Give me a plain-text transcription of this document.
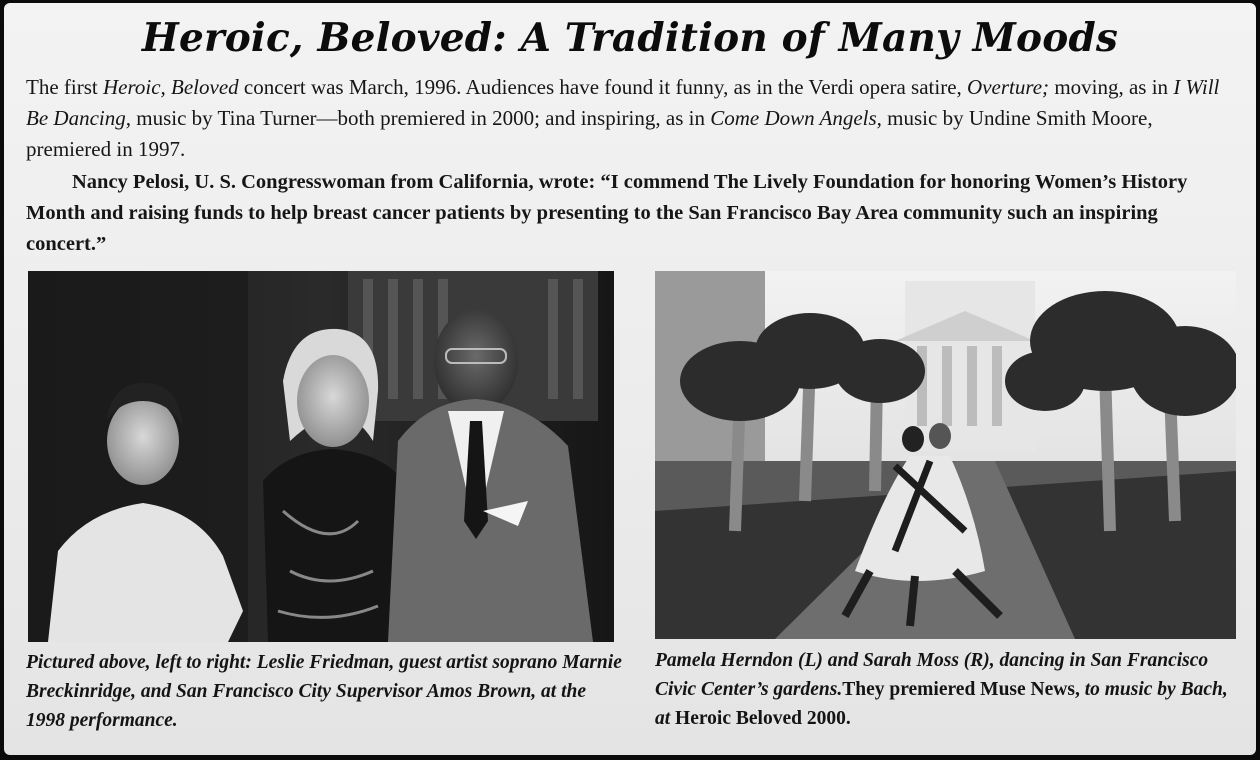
Heroic, Beloved: A Tradition of Many Moods

The first Heroic, Beloved concert was March, 1996. Audiences have found it funny, as in the Verdi opera satire, Overture; moving, as in I Will Be Dancing, music by Tina Turner—both premiered in 2000; and inspiring, as in Come Down Angels, music by Undine Smith Moore, premiered in 1997.

Nancy Pelosi, U. S. Congresswoman from California, wrote: “I commend The Lively Foundation for honoring Women’s History Month and raising funds to help breast cancer patients by presenting to the San Francisco Bay Area community such an inspiring concert.”

Pictured above, left to right: Leslie Friedman, guest artist soprano Marnie Breckinridge, and San Francisco City Supervisor Amos Brown, at the 1998 performance.

Pamela Herndon (L) and Sarah Moss (R), dancing in San Francisco Civic Center’s gardens.They premiered Muse News, to music by Bach, at Heroic Beloved 2000.
